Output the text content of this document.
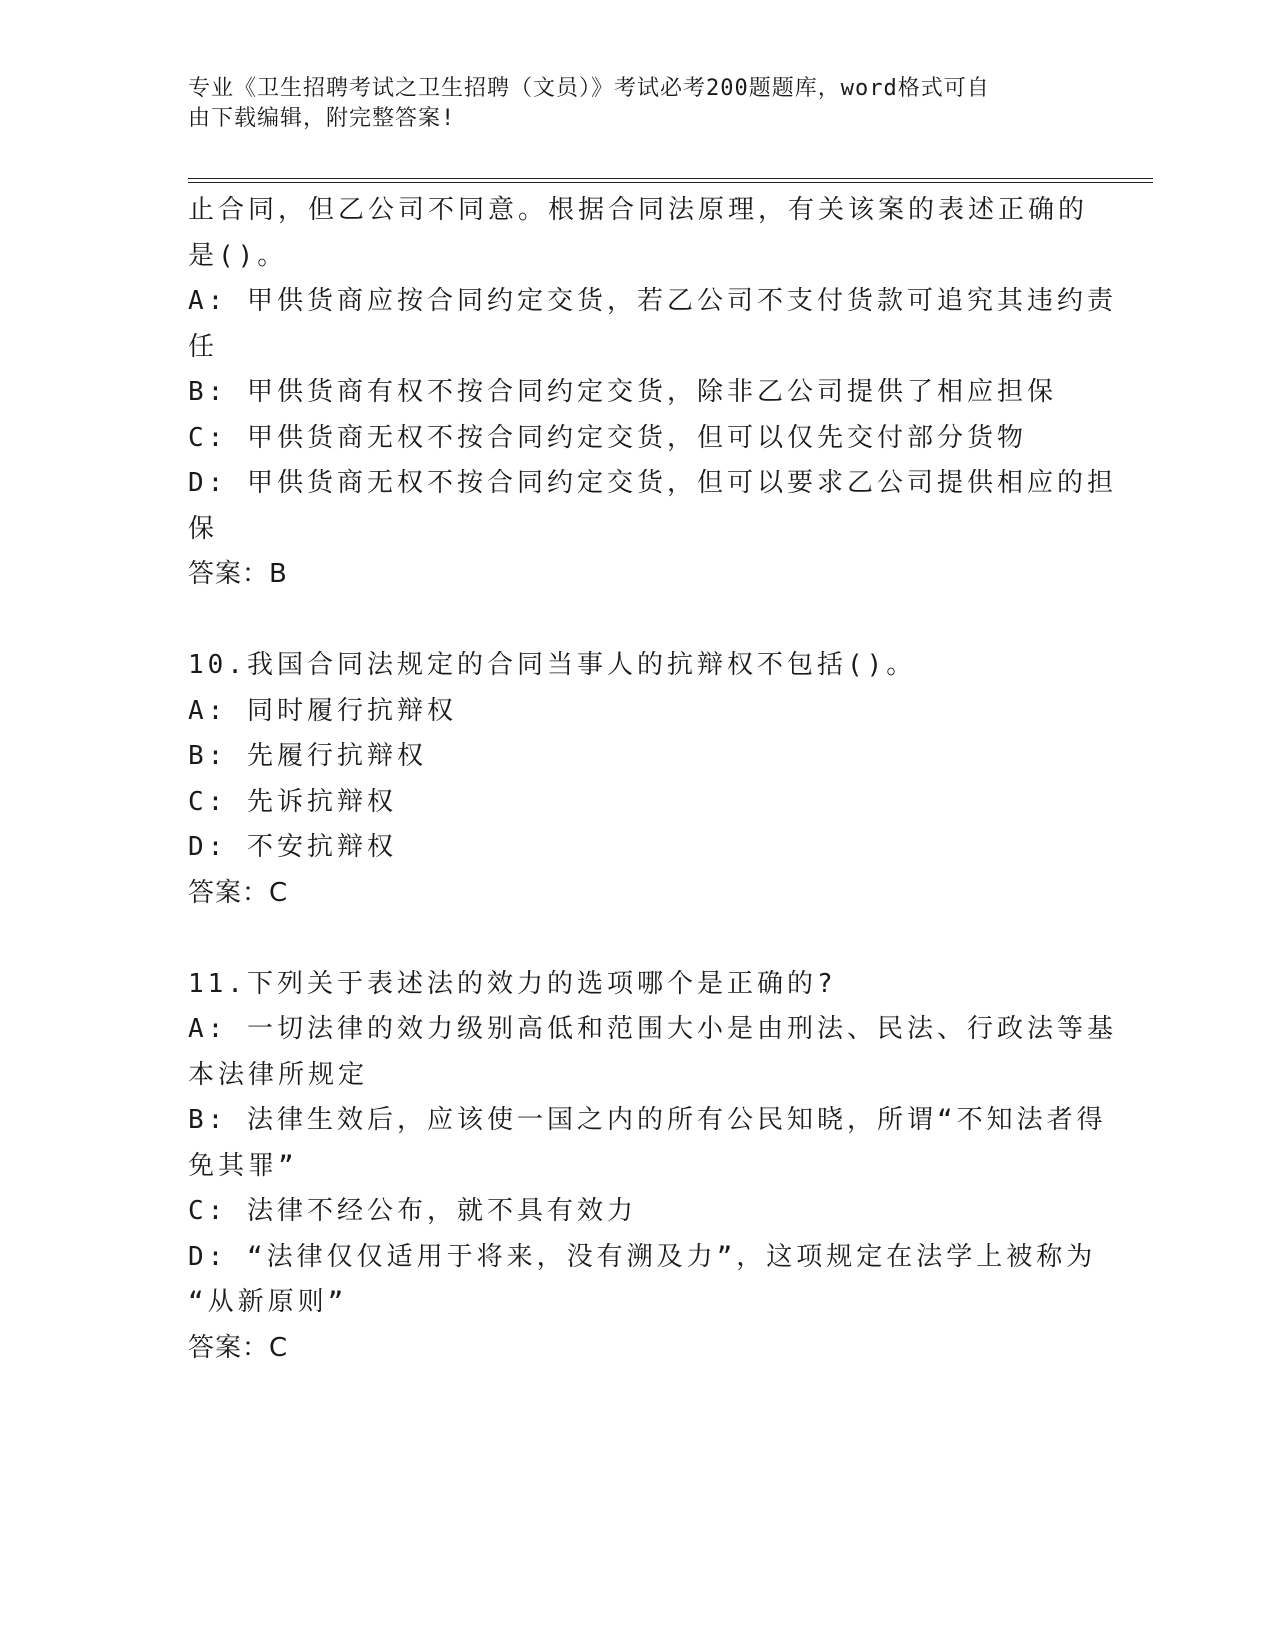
专业《卫生招聘考试之卫生招聘（文员）》考试必考200题题库，word格式可自
由下载编辑，附完整答案!
止合同，但乙公司不同意。根据合同法原理，有关该案的表述正确的
是()。
A: 甲供货商应按合同约定交货，若乙公司不支付货款可追究其违约责
任
B: 甲供货商有权不按合同约定交货，除非乙公司提供了相应担保
C: 甲供货商无权不按合同约定交货，但可以仅先交付部分货物
D: 甲供货商无权不按合同约定交货，但可以要求乙公司提供相应的担
保
答案：B
10.我国合同法规定的合同当事人的抗辩权不包括()。
A: 同时履行抗辩权
B: 先履行抗辩权
C: 先诉抗辩权
D: 不安抗辩权
答案：C
11.下列关于表述法的效力的选项哪个是正确的?
A: 一切法律的效力级别高低和范围大小是由刑法、民法、行政法等基
本法律所规定
B: 法律生效后，应该使一国之内的所有公民知晓，所谓“不知法者得
免其罪”
C: 法律不经公布，就不具有效力
D: “法律仅仅适用于将来，没有溯及力”，这项规定在法学上被称为
“从新原则”
答案：C
